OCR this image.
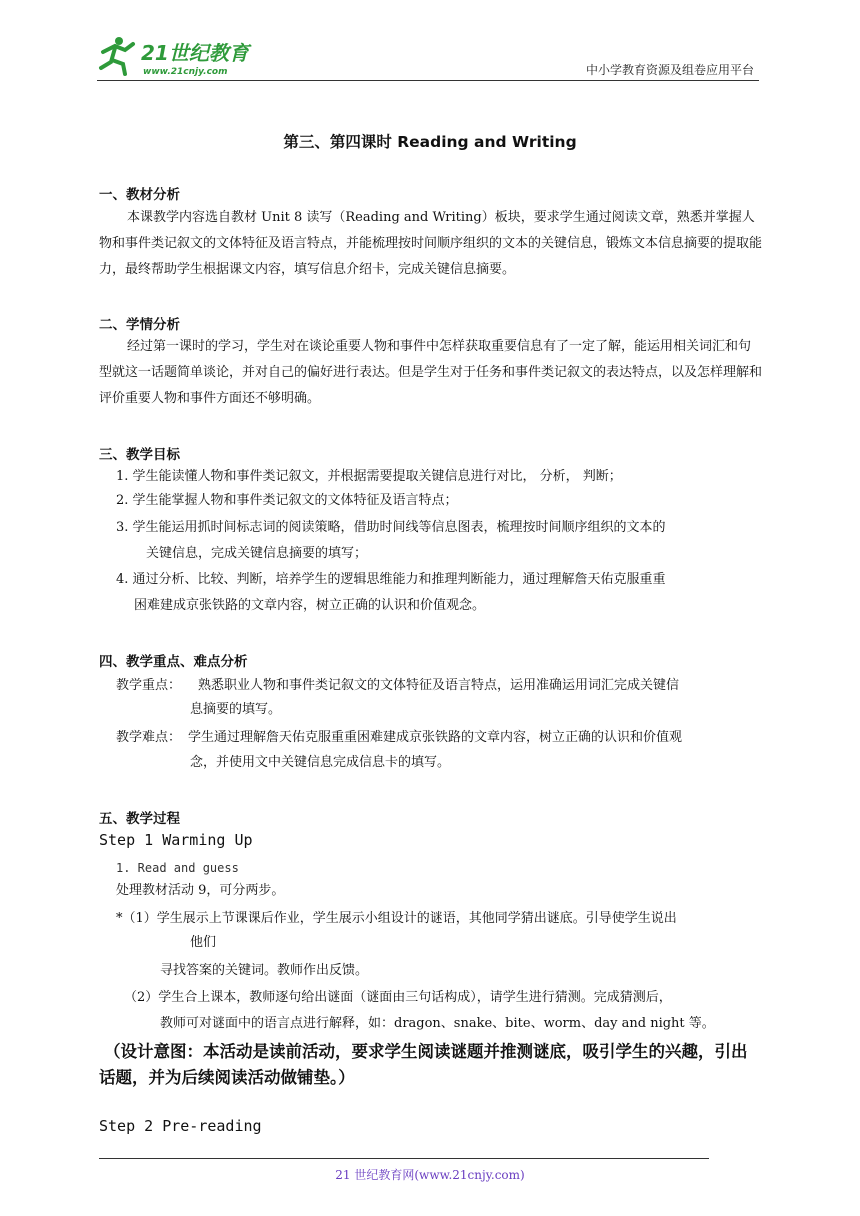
21世纪教育
www.21cnjy.com	中小学教育资源及组卷应用平台
第三、第四课时 Reading and Writing
一、教材分析
本课教学内容选自教材 Unit 8 读写（Reading and Writing）板块，要求学生通过阅读文章，熟悉并掌握人物和事件类记叙文的文体特征及语言特点，并能梳理按时间顺序组织的文本的关键信息，锻炼文本信息摘要的提取能力，最终帮助学生根据课文内容，填写信息介绍卡，完成关键信息摘要。
二、学情分析
经过第一课时的学习，学生对在谈论重要人物和事件中怎样获取重要信息有了一定了解，能运用相关词汇和句型就这一话题简单谈论，并对自己的偏好进行表达。但是学生对于任务和事件类记叙文的表达特点，以及怎样理解和评价重要人物和事件方面还不够明确。
三、教学目标
1. 学生能读懂人物和事件类记叙文，并根据需要提取关键信息进行对比， 分析， 判断；
2. 学生能掌握人物和事件类记叙文的文体特征及语言特点；
3. 学生能运用抓时间标志词的阅读策略，借助时间线等信息图表，梳理按时间顺序组织的文本的
关键信息，完成关键信息摘要的填写；
4. 通过分析、比较、判断，培养学生的逻辑思维能力和推理判断能力，通过理解詹天佑克服重重
困难建成京张铁路的文章内容，树立正确的认识和价值观念。
四、教学重点、难点分析
教学重点： 熟悉职业人物和事件类记叙文的文体特征及语言特点，运用准确运用词汇完成关键信
息摘要的填写。
教学难点： 学生通过理解詹天佑克服重重困难建成京张铁路的文章内容，树立正确的认识和价值观
念，并使用文中关键信息完成信息卡的填写。
五、教学过程
Step 1 Warming Up
1. Read and guess
处理教材活动 9，可分两步。
*（1）学生展示上节课课后作业，学生展示小组设计的谜语，其他同学猜出谜底。引导使学生说出
他们
寻找答案的关键词。教师作出反馈。
（2）学生合上课本，教师逐句给出谜面（谜面由三句话构成），请学生进行猜测。完成猜测后，
教师可对谜面中的语言点进行解释，如：dragon、snake、bite、worm、day and night 等。
（设计意图：本活动是读前活动，要求学生阅读谜题并推测谜底，吸引学生的兴趣，引出
话题，并为后续阅读活动做铺垫。）
Step 2 Pre-reading
21 世纪教育网(www.21cnjy.com)
